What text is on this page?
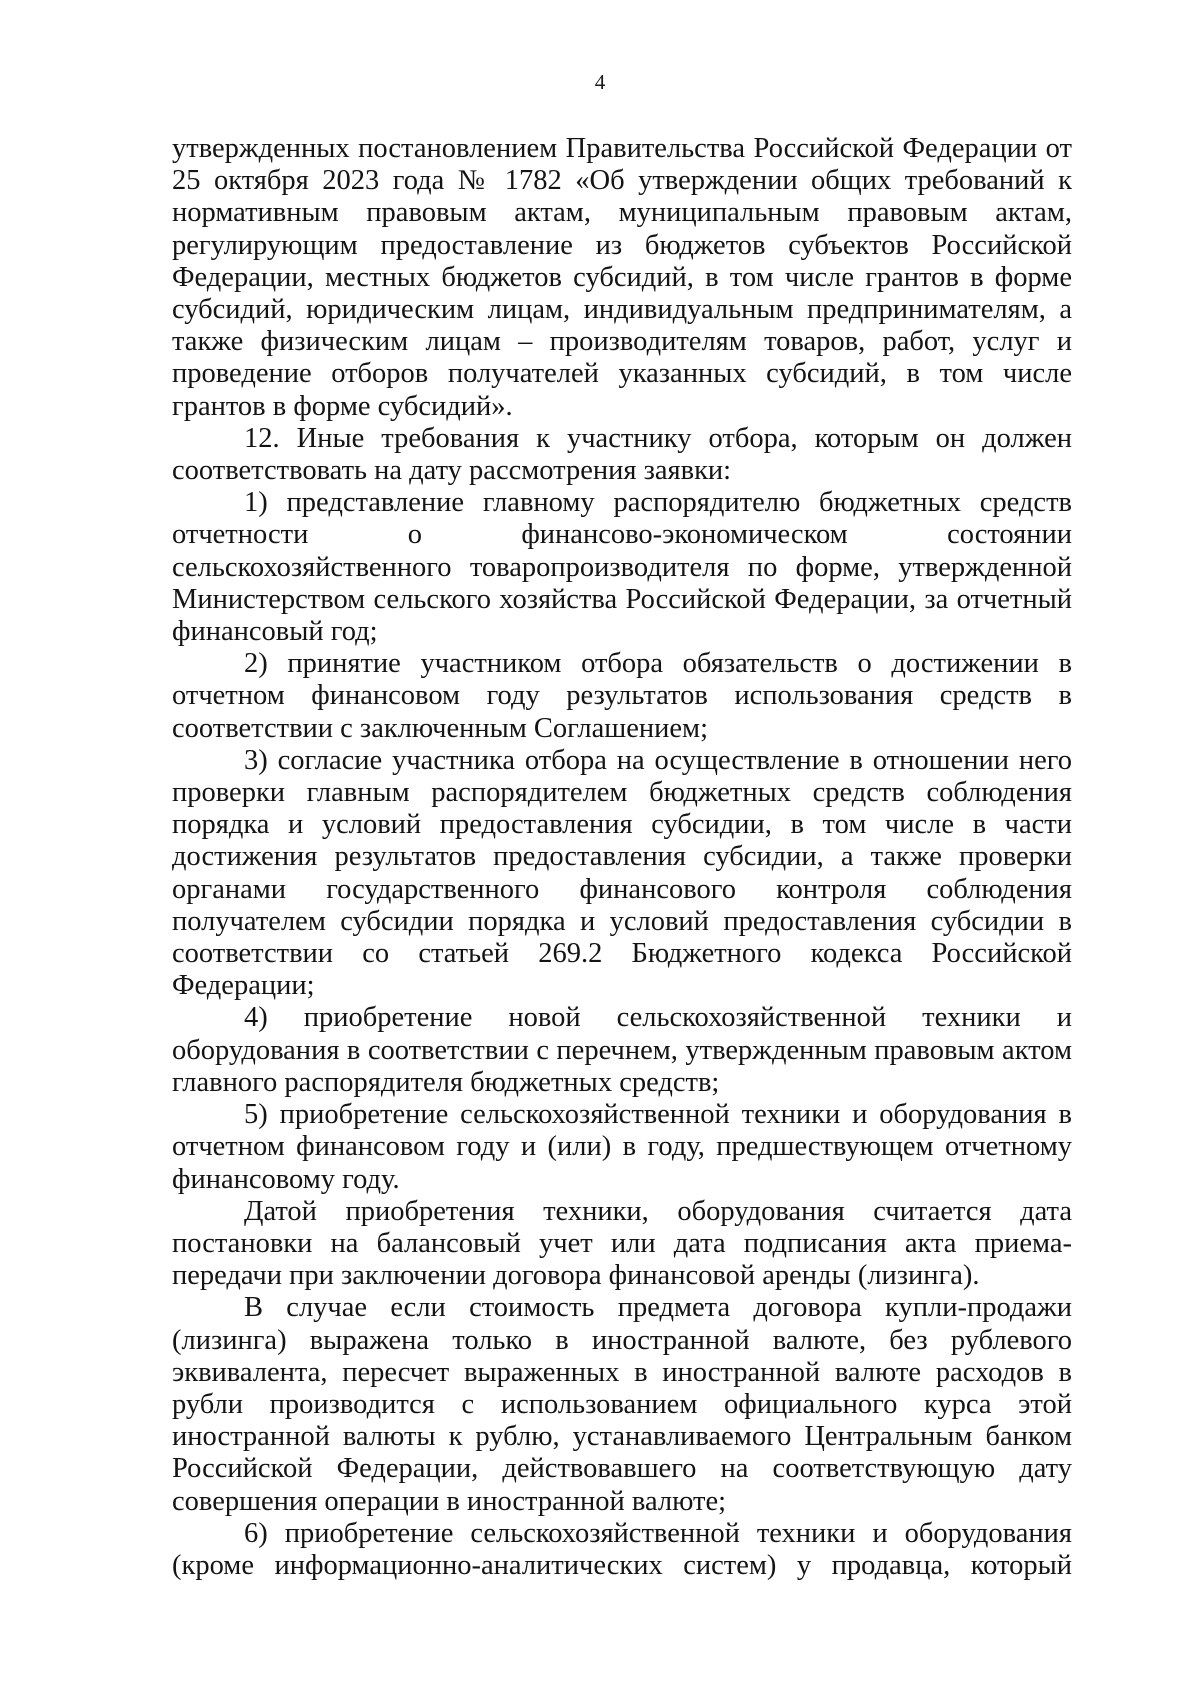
4

утвержденных постановлением Правительства Российской Федерации от 25 октября 2023 года № 1782 «Об утверждении общих требований к нормативным правовым актам, муниципальным правовым актам, регулирующим предоставление из бюджетов субъектов Российской Федерации, местных бюджетов субсидий, в том числе грантов в форме субсидий, юридическим лицам, индивидуальным предпринимателям, а также физическим лицам – производителям товаров, работ, услуг и проведение отборов получателей указанных субсидий, в том числе грантов в форме субсидий».

12. Иные требования к участнику отбора, которым он должен соответствовать на дату рассмотрения заявки:

1) представление главному распорядителю бюджетных средств отчетности о финансово-экономическом состоянии сельскохозяйственного товаропроизводителя по форме, утвержденной Министерством сельского хозяйства Российской Федерации, за отчетный финансовый год;

2) принятие участником отбора обязательств о достижении в отчетном финансовом году результатов использования средств в соответствии с заключенным Соглашением;

3) согласие участника отбора на осуществление в отношении него проверки главным распорядителем бюджетных средств соблюдения порядка и условий предоставления субсидии, в том числе в части достижения результатов предоставления субсидии, а также проверки органами государственного финансового контроля соблюдения получателем субсидии порядка и условий предоставления субсидии в соответствии со статьей 269.2 Бюджетного кодекса Российской Федерации;

4) приобретение новой сельскохозяйственной техники и оборудования в соответствии с перечнем, утвержденным правовым актом главного распорядителя бюджетных средств;

5) приобретение сельскохозяйственной техники и оборудования в отчетном финансовом году и (или) в году, предшествующем отчетному финансовому году.

Датой приобретения техники, оборудования считается дата постановки на балансовый учет или дата подписания акта приема-передачи при заключении договора финансовой аренды (лизинга).

В случае если стоимость предмета договора купли-продажи (лизинга) выражена только в иностранной валюте, без рублевого эквивалента, пересчет выраженных в иностранной валюте расходов в рубли производится с использованием официального курса этой иностранной валюты к рублю, устанавливаемого Центральным банком Российской Федерации, действовавшего на соответствующую дату совершения операции в иностранной валюте;

6) приобретение сельскохозяйственной техники и оборудования (кроме информационно-аналитических систем) у продавца, который
